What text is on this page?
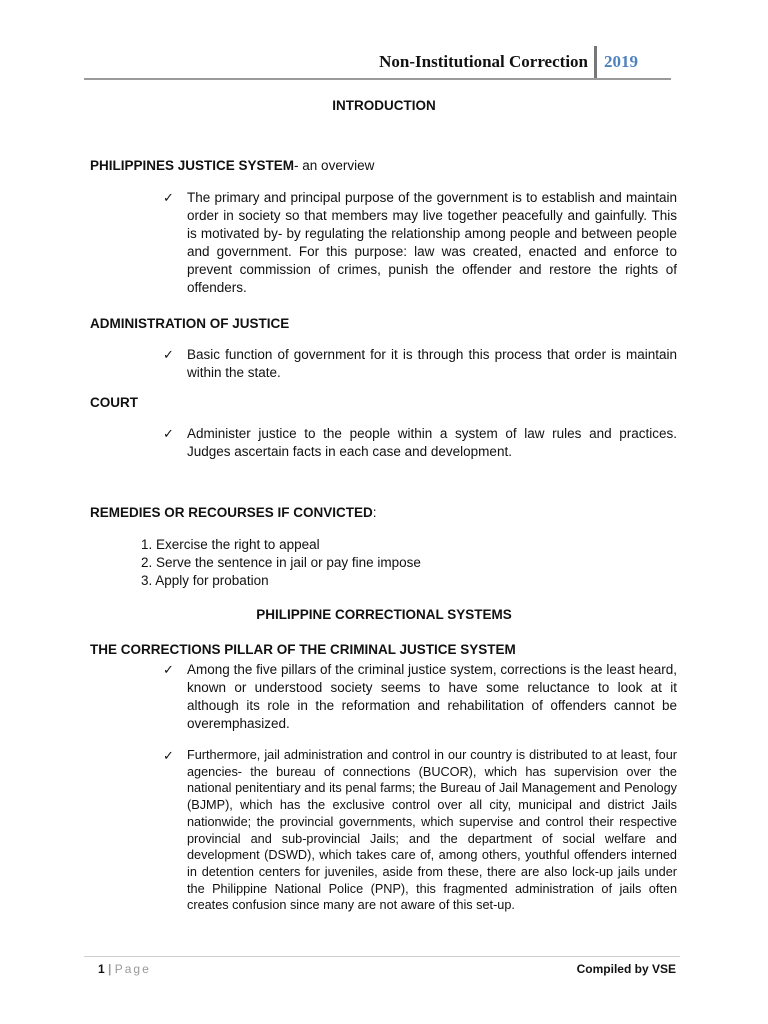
Non-Institutional Correction 2019
INTRODUCTION
PHILIPPINES JUSTICE SYSTEM- an overview
✓ The primary and principal purpose of the government is to establish and maintain order in society so that members may live together peacefully and gainfully. This is motivated by- by regulating the relationship among people and between people and government. For this purpose: law was created, enacted and enforce to prevent commission of crimes, punish the offender and restore the rights of offenders.
ADMINISTRATION OF JUSTICE
✓ Basic function of government for it is through this process that order is maintain within the state.
COURT
✓ Administer justice to the people within a system of law rules and practices. Judges ascertain facts in each case and development.
REMEDIES OR RECOURSES IF CONVICTED:
1. Exercise the right to appeal
2. Serve the sentence in jail or pay fine impose
3. Apply for probation
PHILIPPINE CORRECTIONAL SYSTEMS
THE CORRECTIONS PILLAR OF THE CRIMINAL JUSTICE SYSTEM
✓ Among the five pillars of the criminal justice system, corrections is the least heard, known or understood society seems to have some reluctance to look at it although its role in the reformation and rehabilitation of offenders cannot be overemphasized.
✓ Furthermore, jail administration and control in our country is distributed to at least, four agencies- the bureau of connections (BUCOR), which has supervision over the national penitentiary and its penal farms; the Bureau of Jail Management and Penology (BJMP), which has the exclusive control over all city, municipal and district Jails nationwide; the provincial governments, which supervise and control their respective provincial and sub-provincial Jails; and the department of social welfare and development (DSWD), which takes care of, among others, youthful offenders interned in detention centers for juveniles, aside from these, there are also lock-up jails under the Philippine National Police (PNP), this fragmented administration of jails often creates confusion since many are not aware of this set-up.
1 | Page	Compiled by VSE
